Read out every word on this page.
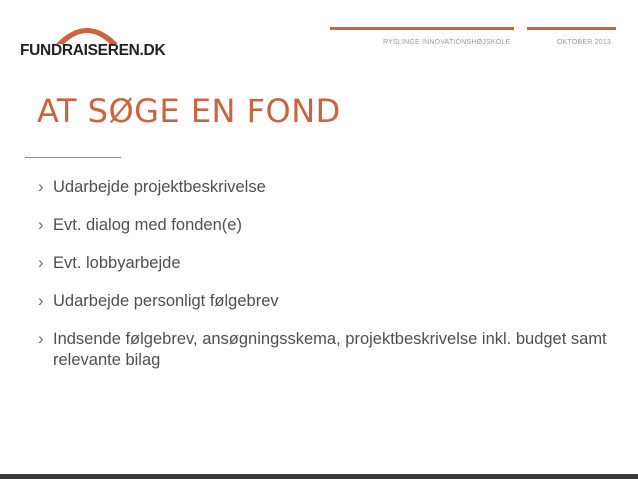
FUNDRAISEREN.DK	RYSLINGE INNOVATIONSHØJSKOLE	OKTOBER 2013
AT SØGE EN FOND
› Udarbejde projektbeskrivelse
› Evt. dialog med fonden(e)
› Evt. lobbyarbejde
› Udarbejde personligt følgebrev
› Indsende følgebrev, ansøgningsskema, projektbeskrivelse inkl. budget samt relevante bilag
